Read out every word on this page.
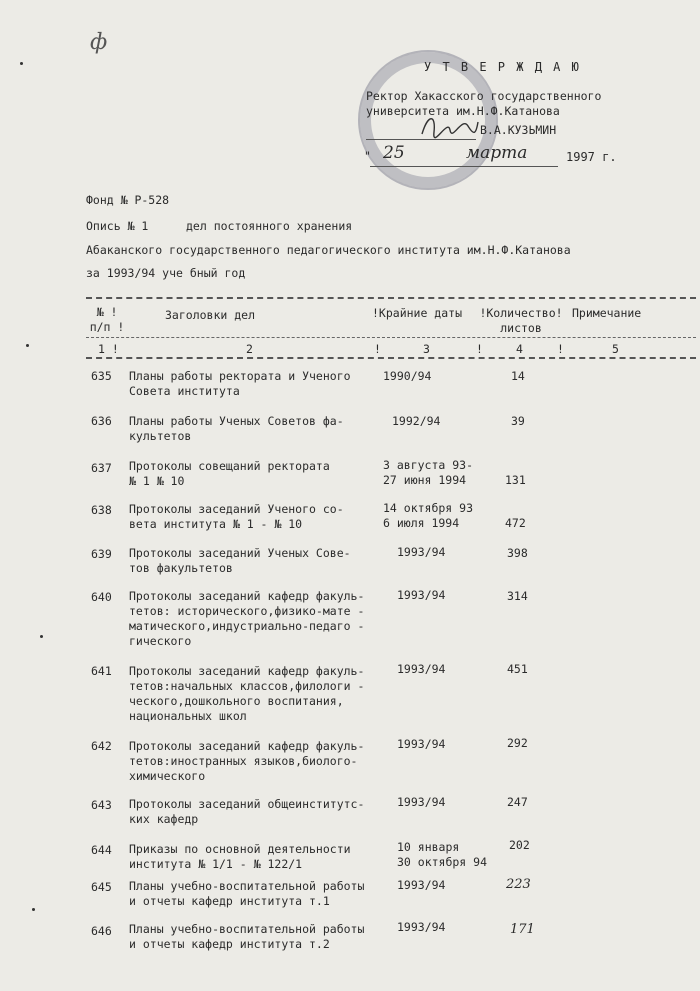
ф
У Т В Е Р Ж Д А Ю
Ректор Хакасского государственного
университета им.Н.Ф.Катанова
В.А.КУЗЬМИН
" 25	марта	1997 г.
Фонд № Р-528
Опись № 1	дел постоянного хранения
Абаканского государственного педагогического института им.Н.Ф.Катанова
за 1993/94 уче бный год
№ ! п/п !
Заголовки дел	!Крайние даты	!Количество! листов
Примечание
1 !	2	!	3	!	4	!	5
635 Планы работы ректората и Ученого
Совета института
1990/94	14
636 Планы работы Ученых Советов фа-
культетов
1992/94	39
637 Протоколы совещаний ректората
№ 1 № 10
3 августа 93-
27 июня 1994	131
638 Протоколы заседаний Ученого со-
вета института № 1 - № 10
14 октября 93
6 июля 1994	472
639 Протоколы заседаний Ученых Сове-
тов факультетов
1993/94	398
640 Протоколы заседаний кафедр факуль-
тетов: исторического,физико-мате -
матического,индустриально-педаго -
гического
1993/94	314
641 Протоколы заседаний кафедр факуль-
тетов:начальных классов,филологи -
ческого,дошкольного воспитания,
национальных школ
1993/94	451
642 Протоколы заседаний кафедр факуль-
тетов:иностранных языков,биолого-
химического
1993/94	292
643 Протоколы заседаний общеинститутс-
ких кафедр
1993/94	247
644 Приказы по основной деятельности
института № 1/1 - № 122/1
10 января
30 октября 94
202
645 Планы учебно-воспитательной работы
и отчеты кафедр института т.1
1993/94	223
646 Планы учебно-воспитательной работы
и отчеты кафедр института т.2
1993/94	171
